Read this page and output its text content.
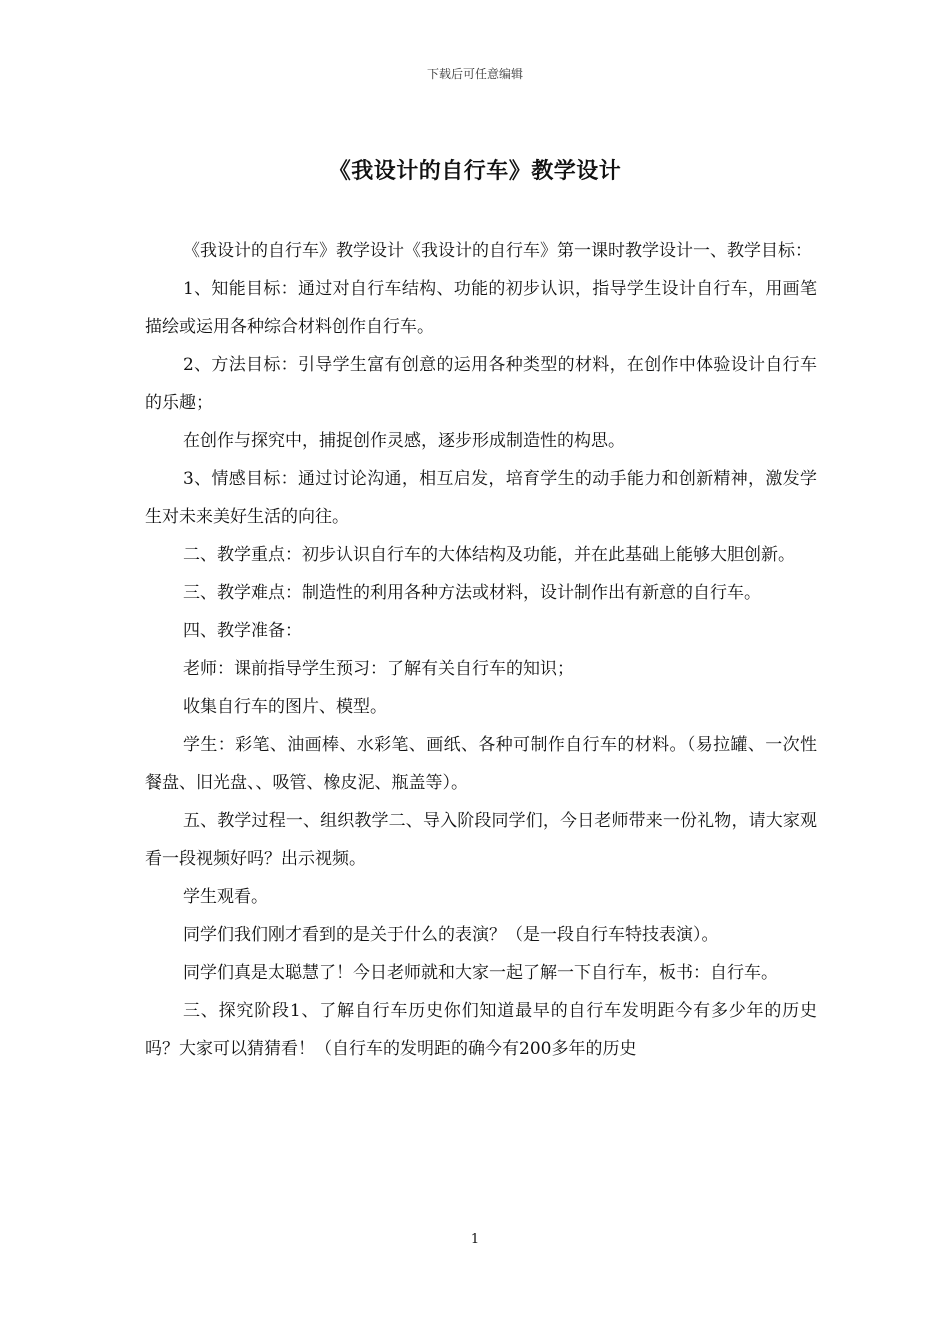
下载后可任意编辑
《我设计的自行车》教学设计

《我设计的自行车》教学设计《我设计的自行车》第一课时教学设计一、教学目标：

1、知能目标：通过对自行车结构、功能的初步认识，指导学生设计自行车，用画笔描绘或运用各种综合材料创作自行车。

2、方法目标：引导学生富有创意的运用各种类型的材料，在创作中体验设计自行车的乐趣；

在创作与探究中，捕捉创作灵感，逐步形成制造性的构思。

3、情感目标：通过讨论沟通，相互启发，培育学生的动手能力和创新精神，激发学生对未来美好生活的向往。

二、教学重点：初步认识自行车的大体结构及功能，并在此基础上能够大胆创新。

三、教学难点：制造性的利用各种方法或材料，设计制作出有新意的自行车。

四、教学准备：

老师：课前指导学生预习：了解有关自行车的知识；

收集自行车的图片、模型。

学生：彩笔、油画棒、水彩笔、画纸、各种可制作自行车的材料。（易拉罐、一次性餐盘、旧光盘、、吸管、橡皮泥、瓶盖等）。

五、教学过程一、组织教学二、导入阶段同学们，今日老师带来一份礼物，请大家观看一段视频好吗？出示视频。

学生观看。

同学们我们刚才看到的是关于什么的表演？（是一段自行车特技表演）。

同学们真是太聪慧了！今日老师就和大家一起了解一下自行车，板书：自行车。

三、探究阶段1、了解自行车历史你们知道最早的自行车发明距今有多少年的历史吗？大家可以猜猜看！（自行车的发明距的确今有200多年的历史

1
